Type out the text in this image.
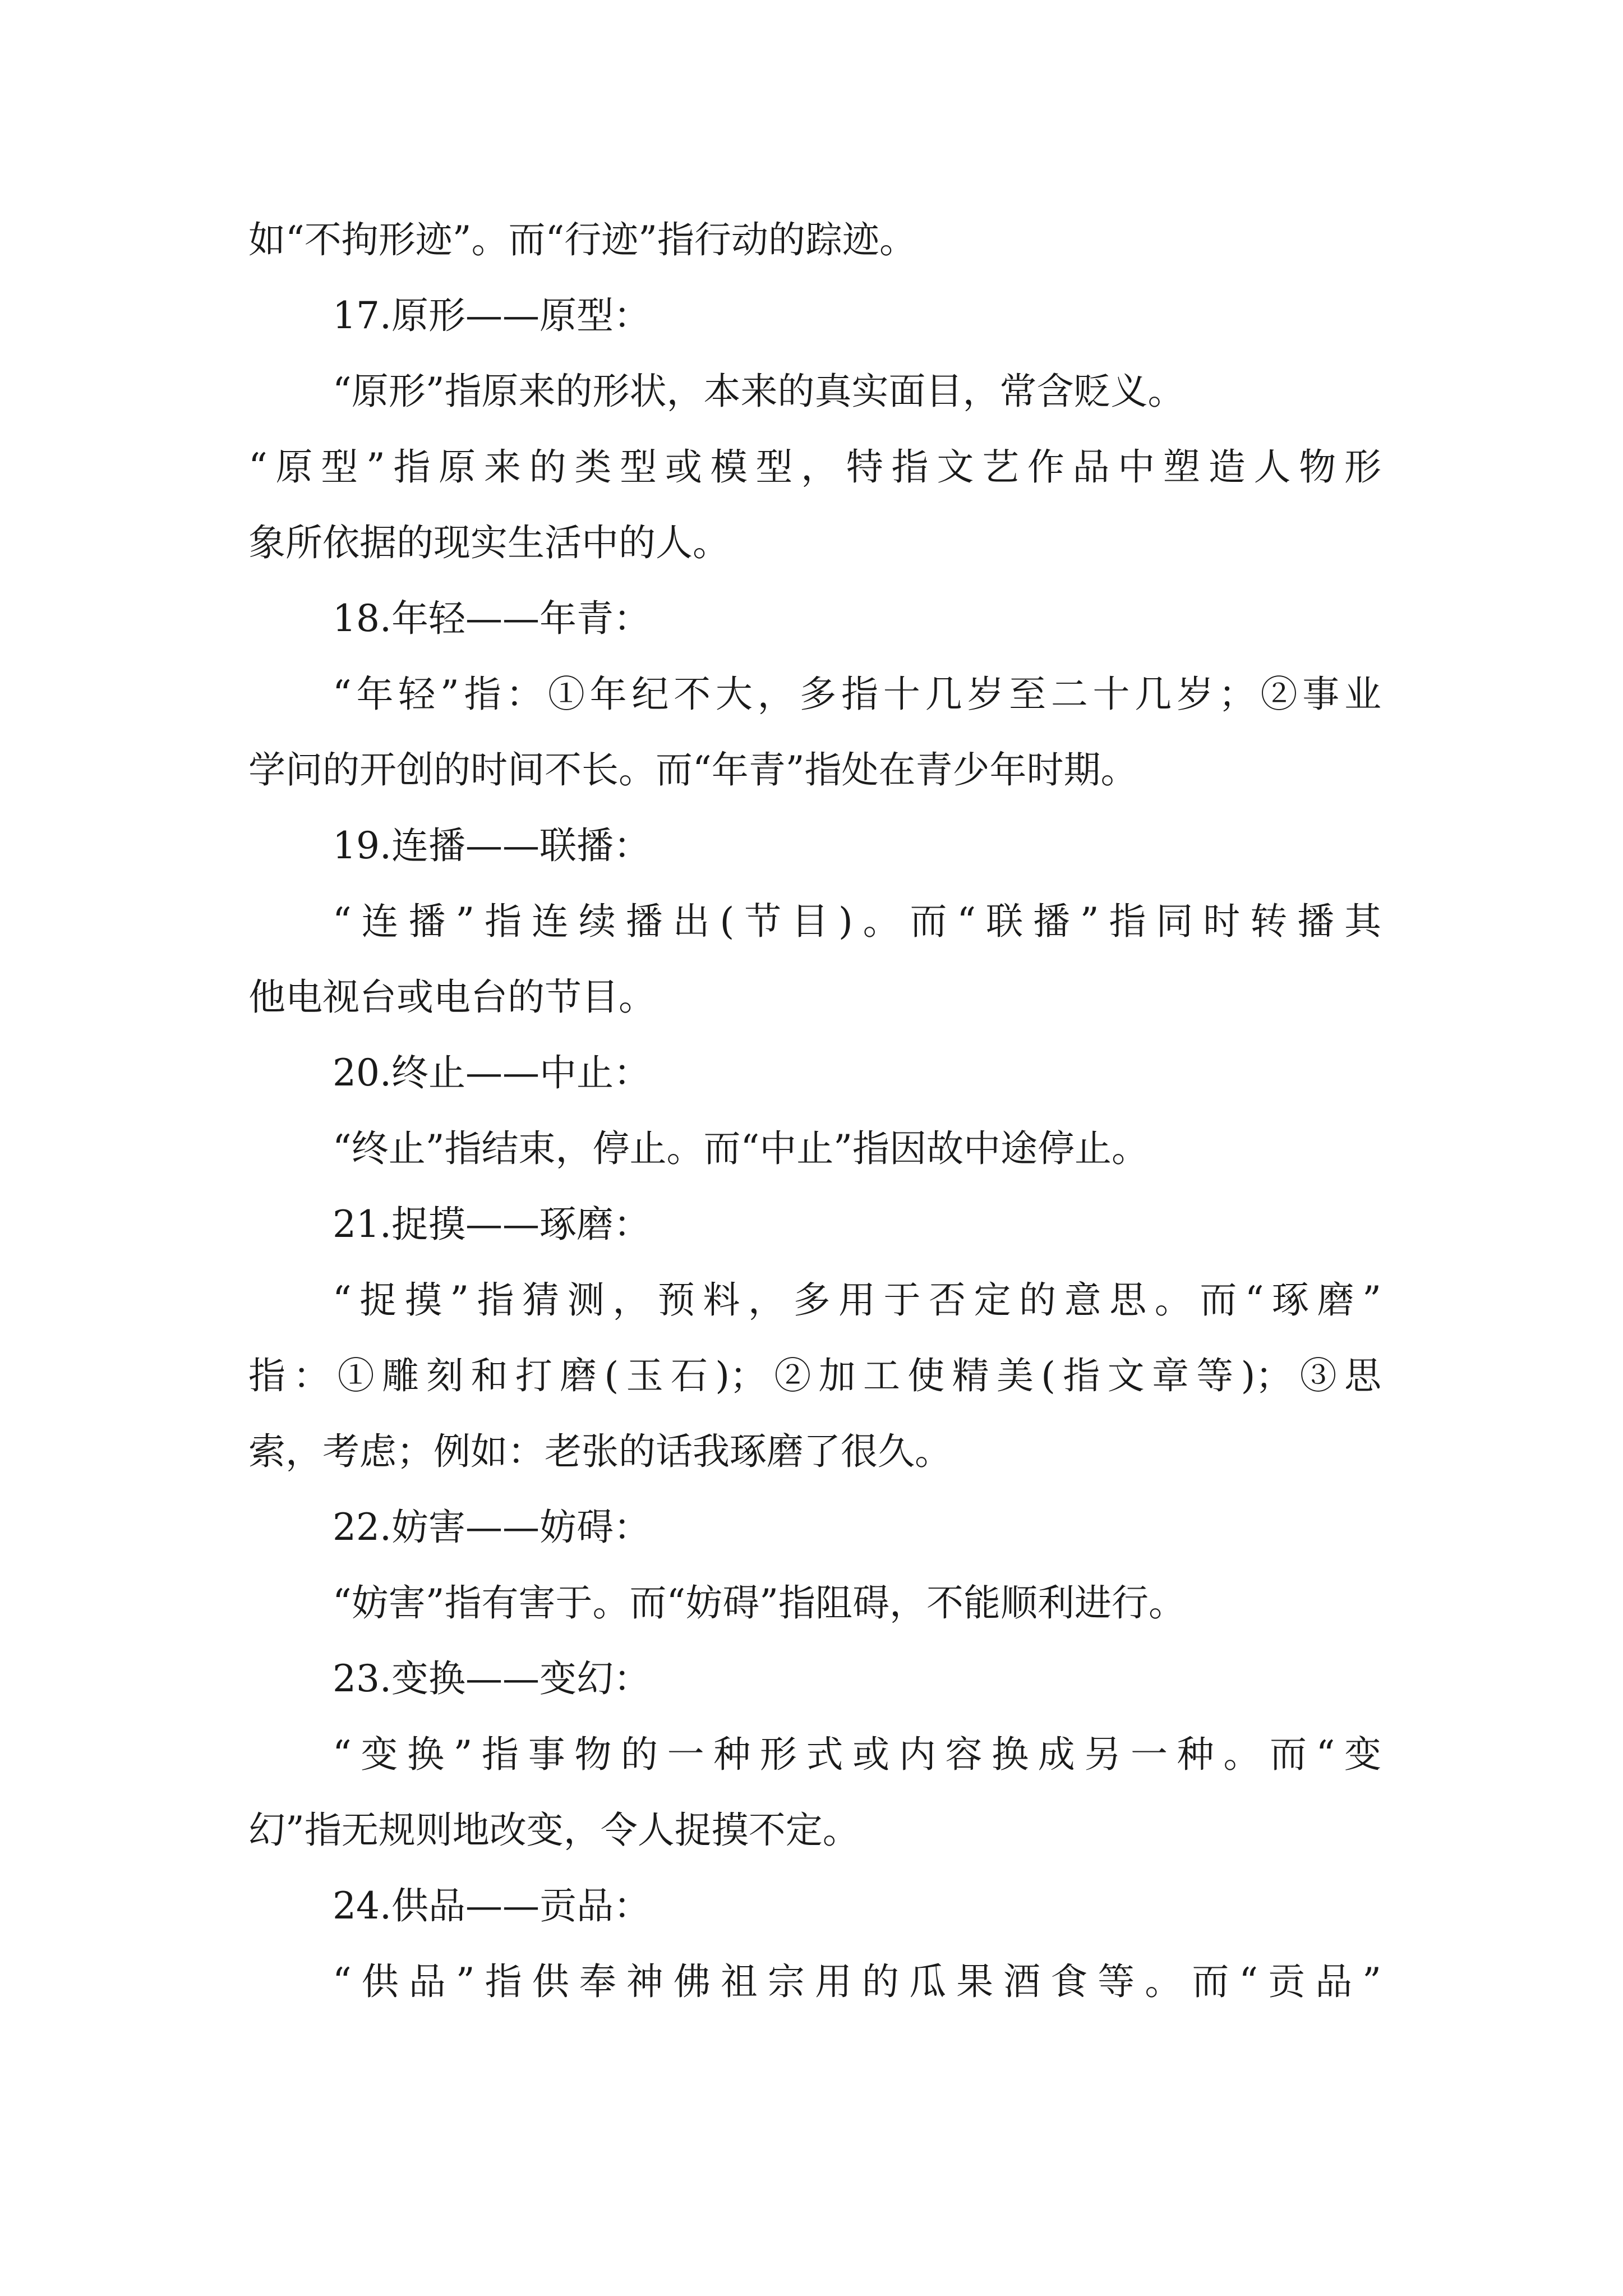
如“不拘形迹”。而“行迹”指行动的踪迹。
17.原形——原型：
“原形”指原来的形状，本来的真实面目，常含贬义。
“原型”指原来的类型或模型，特指文艺作品中塑造人物形
象所依据的现实生活中的人。
18.年轻——年青：
“年轻”指：①年纪不大，多指十几岁至二十几岁；②事业
学问的开创的时间不长。而“年青”指处在青少年时期。
19.连播——联播：
“连播”指连续播出(节目)。而“联播”指同时转播其
他电视台或电台的节目。
20.终止——中止：
“终止”指结束，停止。而“中止”指因故中途停止。
21.捉摸——琢磨：
“捉摸”指猜测，预料，多用于否定的意思。而“琢磨”
指：①雕刻和打磨(玉石)；②加工使精美(指文章等)；③思
索，考虑；例如：老张的话我琢磨了很久。
22.妨害——妨碍：
“妨害”指有害于。而“妨碍”指阻碍，不能顺利进行。
23.变换——变幻：
“变换”指事物的一种形式或内容换成另一种。而“变
幻”指无规则地改变，令人捉摸不定。
24.供品——贡品：
“供品”指供奉神佛祖宗用的瓜果酒食等。而“贡品”
